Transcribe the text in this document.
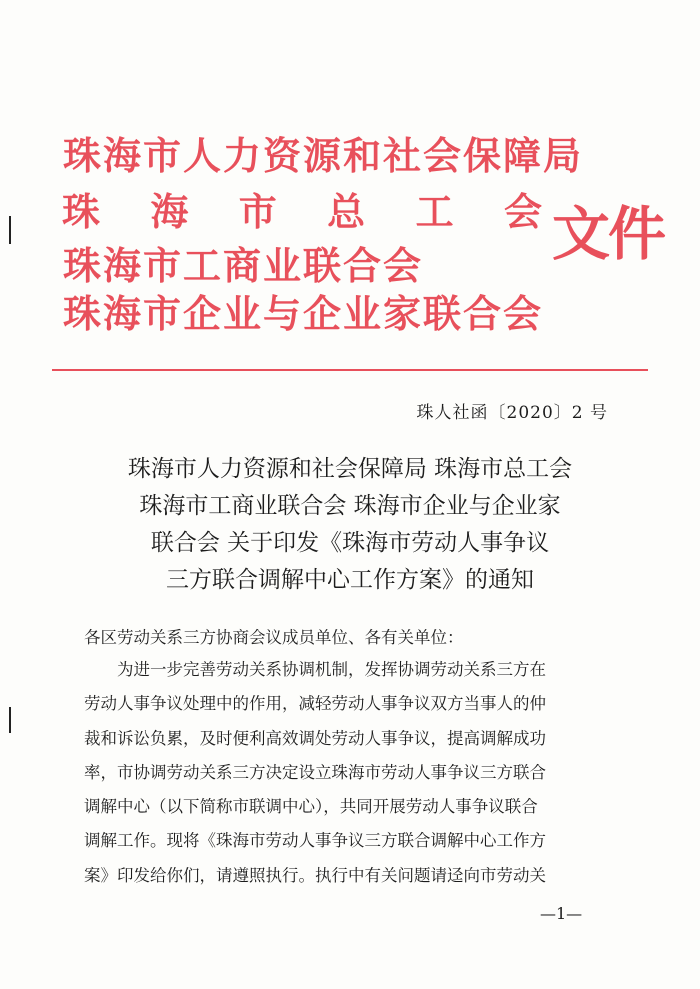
珠 海 市 人 力 资 源 和 社 会 保 障 局
珠 海 市 总 工 会
珠 海 市 工 商 业 联 合 会
珠 海 市 企 业 与 企 业 家 联 合 会
文件
珠人社函〔2020〕2 号
珠海市人力资源和社会保障局 珠海市总工会
珠海市工商业联合会 珠海市企业与企业家
联合会 关于印发《珠海市劳动人事争议
三方联合调解中心工作方案》的通知
各区劳动关系三方协商会议成员单位、各有关单位：
为进一步完善劳动关系协调机制，发挥协调劳动关系三方在
劳动人事争议处理中的作用，减轻劳动人事争议双方当事人的仲
裁和诉讼负累，及时便利高效调处劳动人事争议，提高调解成功
率，市协调劳动关系三方决定设立珠海市劳动人事争议三方联合
调解中心（以下简称市联调中心），共同开展劳动人事争议联合
调解工作。现将《珠海市劳动人事争议三方联合调解中心工作方
案》印发给你们，请遵照执行。执行中有关问题请迳向市劳动关
—1—
